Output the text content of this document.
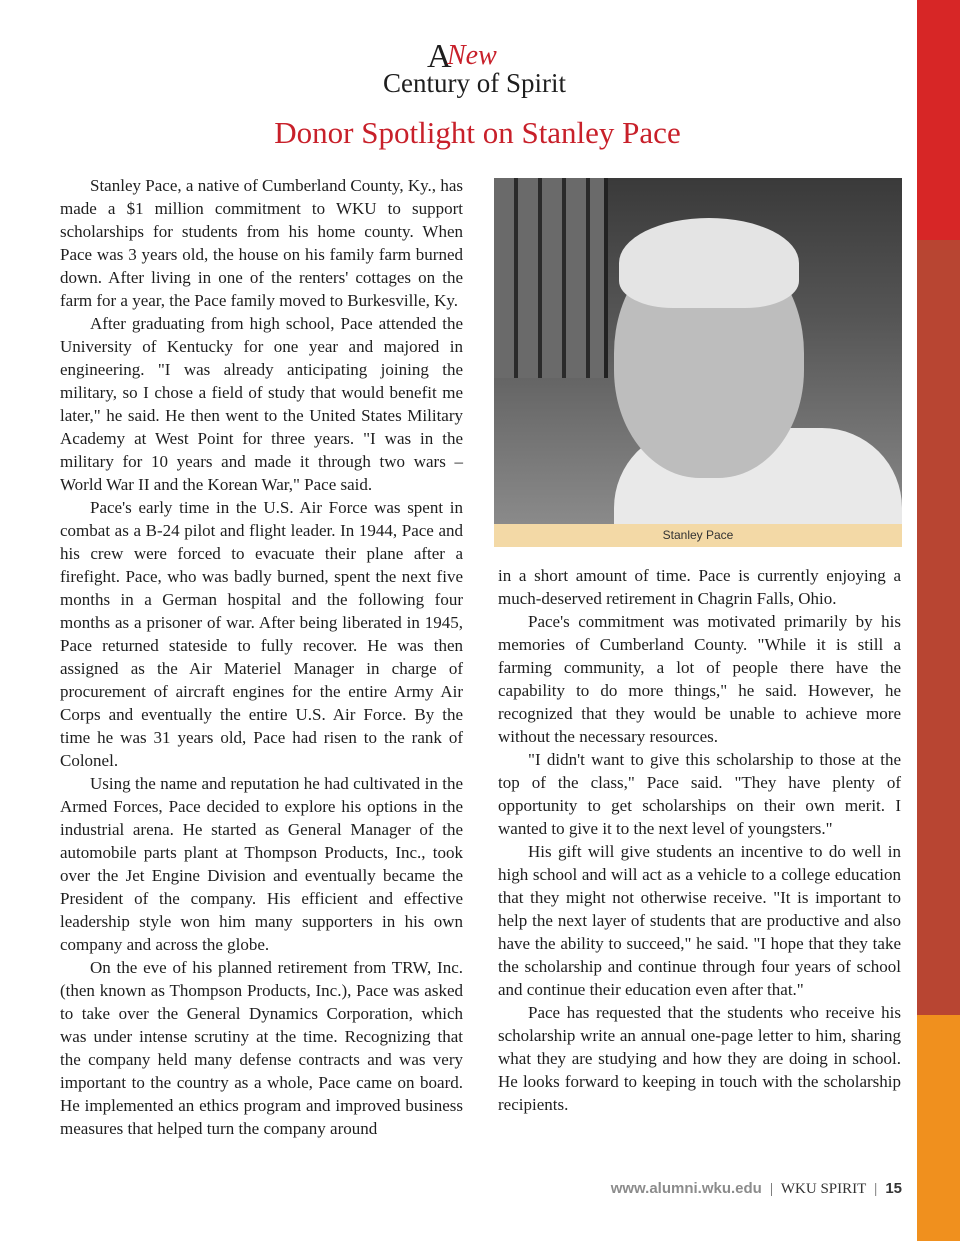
A
New
Century of Spirit
Donor Spotlight on Stanley Pace

Stanley Pace, a native of Cumberland County, Ky., has made a $1 million commitment to WKU to support scholarships for students from his home county. When Pace was 3 years old, the house on his family farm burned down. After living in one of the renters' cottages on the farm for a year, the Pace family moved to Burkesville, Ky.

After graduating from high school, Pace attended the University of Kentucky for one year and majored in engineering. "I was already anticipating joining the military, so I chose a field of study that would benefit me later," he said. He then went to the United States Military Academy at West Point for three years. "I was in the military for 10 years and made it through two wars – World War II and the Korean War," Pace said.

Pace's early time in the U.S. Air Force was spent in combat as a B-24 pilot and flight leader. In 1944, Pace and his crew were forced to evacuate their plane after a firefight. Pace, who was badly burned, spent the next five months in a German hospital and the following four months as a prisoner of war. After being liberated in 1945, Pace returned stateside to fully recover. He was then assigned as the Air Materiel Manager in charge of procurement of aircraft engines for the entire Army Air Corps and eventually the entire U.S. Air Force. By the time he was 31 years old, Pace had risen to the rank of Colonel.

Using the name and reputation he had cultivated in the Armed Forces, Pace decided to explore his options in the industrial arena. He started as General Manager of the automobile parts plant at Thompson Products, Inc., took over the Jet Engine Division and eventually became the President of the company. His efficient and effective leadership style won him many supporters in his own company and across the globe.

On the eve of his planned retirement from TRW, Inc. (then known as Thompson Products, Inc.), Pace was asked to take over the General Dynamics Corporation, which was under intense scrutiny at the time. Recognizing that the company held many defense contracts and was very important to the country as a whole, Pace came on board. He implemented an ethics program and improved business measures that helped turn the company around

Stanley Pace

in a short amount of time. Pace is currently enjoying a much-deserved retirement in Chagrin Falls, Ohio.

Pace's commitment was motivated primarily by his memories of Cumberland County. "While it is still a farming community, a lot of people there have the capability to do more things," he said. However, he recognized that they would be unable to achieve more without the necessary resources.

"I didn't want to give this scholarship to those at the top of the class," Pace said. "They have plenty of opportunity to get scholarships on their own merit. I wanted to give it to the next level of youngsters."

His gift will give students an incentive to do well in high school and will act as a vehicle to a college education that they might not otherwise receive. "It is important to help the next layer of students that are productive and also have the ability to succeed," he said. "I hope that they take the scholarship and continue through four years of school and continue their education even after that."

Pace has requested that the students who receive his scholarship write an annual one-page letter to him, sharing what they are studying and how they are doing in school. He looks forward to keeping in touch with the scholarship recipients.

www.alumni.wku.edu | WKU SPIRIT | 15
